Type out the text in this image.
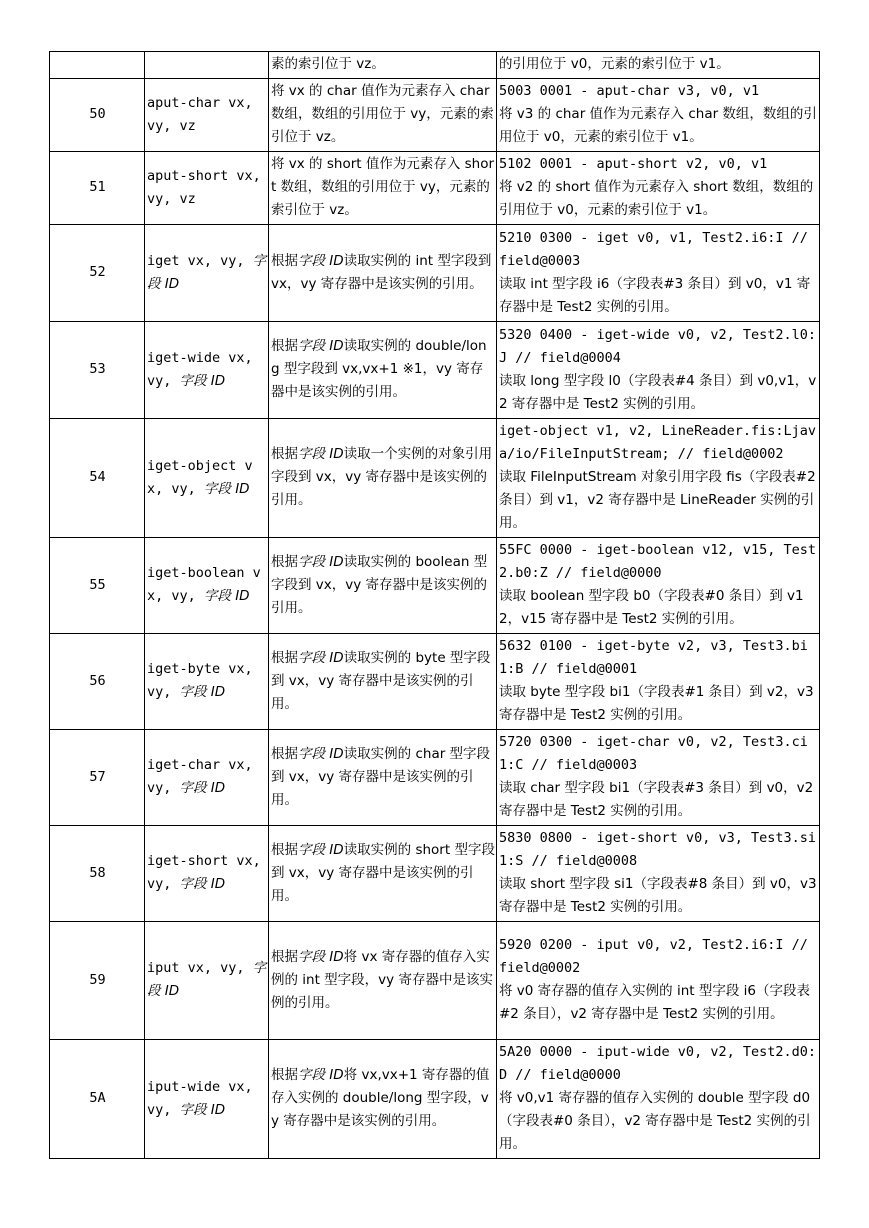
		素的索引位于 vz。	的引用位于 v0，元素的索引位于 v1。

50	aput-char vx, vy, vz	将 vx 的 char 值作为元素存入 char 数组，数组的引用位于 vy，元素的索引位于 vz。	5003 0001 - aput-char v3, v0, v1
将 v3 的 char 值作为元素存入 char 数组，数组的引用位于 v0，元素的索引位于 v1。

51	aput-short vx, vy, vz	将 vx 的 short 值作为元素存入 short 数组，数组的引用位于 vy，元素的索引位于 vz。	5102 0001 - aput-short v2, v0, v1
将 v2 的 short 值作为元素存入 short 数组，数组的引用位于 v0，元素的索引位于 v1。

52	iget vx, vy, 字段 ID	根据字段 ID读取实例的 int 型字段到 vx，vy 寄存器中是该实例的引用。	5210 0300 - iget v0, v1, Test2.i6:I // field@0003
读取 int 型字段 i6（字段表#3 条目）到 v0，v1 寄存器中是 Test2 实例的引用。

53	iget-wide vx, vy, 字段 ID	根据字段 ID读取实例的 double/long 型字段到 vx,vx+1 ※1，vy 寄存器中是该实例的引用。	5320 0400 - iget-wide v0, v2, Test2.l0:J // field@0004
读取 long 型字段 l0（字段表#4 条目）到 v0,v1，v2 寄存器中是 Test2 实例的引用。

54	iget-object vx, vy, 字段 ID	根据字段 ID读取一个实例的对象引用字段到 vx，vy 寄存器中是该实例的引用。	iget-object v1, v2, LineReader.fis:Ljava/io/FileInputStream; // field@0002
读取 FileInputStream 对象引用字段 fis（字段表#2 条目）到 v1，v2 寄存器中是 LineReader 实例的引用。

55	iget-boolean vx, vy, 字段 ID	根据字段 ID读取实例的 boolean 型字段到 vx，vy 寄存器中是该实例的引用。	55FC 0000 - iget-boolean v12, v15, Test2.b0:Z // field@0000
读取 boolean 型字段 b0（字段表#0 条目）到 v12，v15 寄存器中是 Test2 实例的引用。

56	iget-byte vx, vy, 字段 ID	根据字段 ID读取实例的 byte 型字段到 vx，vy 寄存器中是该实例的引用。	5632 0100 - iget-byte v2, v3, Test3.bi1:B // field@0001
读取 byte 型字段 bi1（字段表#1 条目）到 v2，v3 寄存器中是 Test2 实例的引用。

57	iget-char vx, vy, 字段 ID	根据字段 ID读取实例的 char 型字段到 vx，vy 寄存器中是该实例的引用。	5720 0300 - iget-char v0, v2, Test3.ci1:C // field@0003
读取 char 型字段 bi1（字段表#3 条目）到 v0，v2 寄存器中是 Test2 实例的引用。

58	iget-short vx, vy, 字段 ID	根据字段 ID读取实例的 short 型字段到 vx，vy 寄存器中是该实例的引用。	5830 0800 - iget-short v0, v3, Test3.si1:S // field@0008
读取 short 型字段 si1（字段表#8 条目）到 v0，v3 寄存器中是 Test2 实例的引用。

59	iput vx, vy, 字段 ID	根据字段 ID将 vx 寄存器的值存入实例的 int 型字段，vy 寄存器中是该实例的引用。	5920 0200 - iput v0, v2, Test2.i6:I // field@0002
将 v0 寄存器的值存入实例的 int 型字段 i6（字段表#2 条目），v2 寄存器中是 Test2 实例的引用。

5A	iput-wide vx, vy, 字段 ID	根据字段 ID将 vx,vx+1 寄存器的值存入实例的 double/long 型字段，vy 寄存器中是该实例的引用。	5A20 0000 - iput-wide v0, v2, Test2.d0:D // field@0000
将 v0,v1 寄存器的值存入实例的 double 型字段 d0（字段表#0 条目），v2 寄存器中是 Test2 实例的引用。
